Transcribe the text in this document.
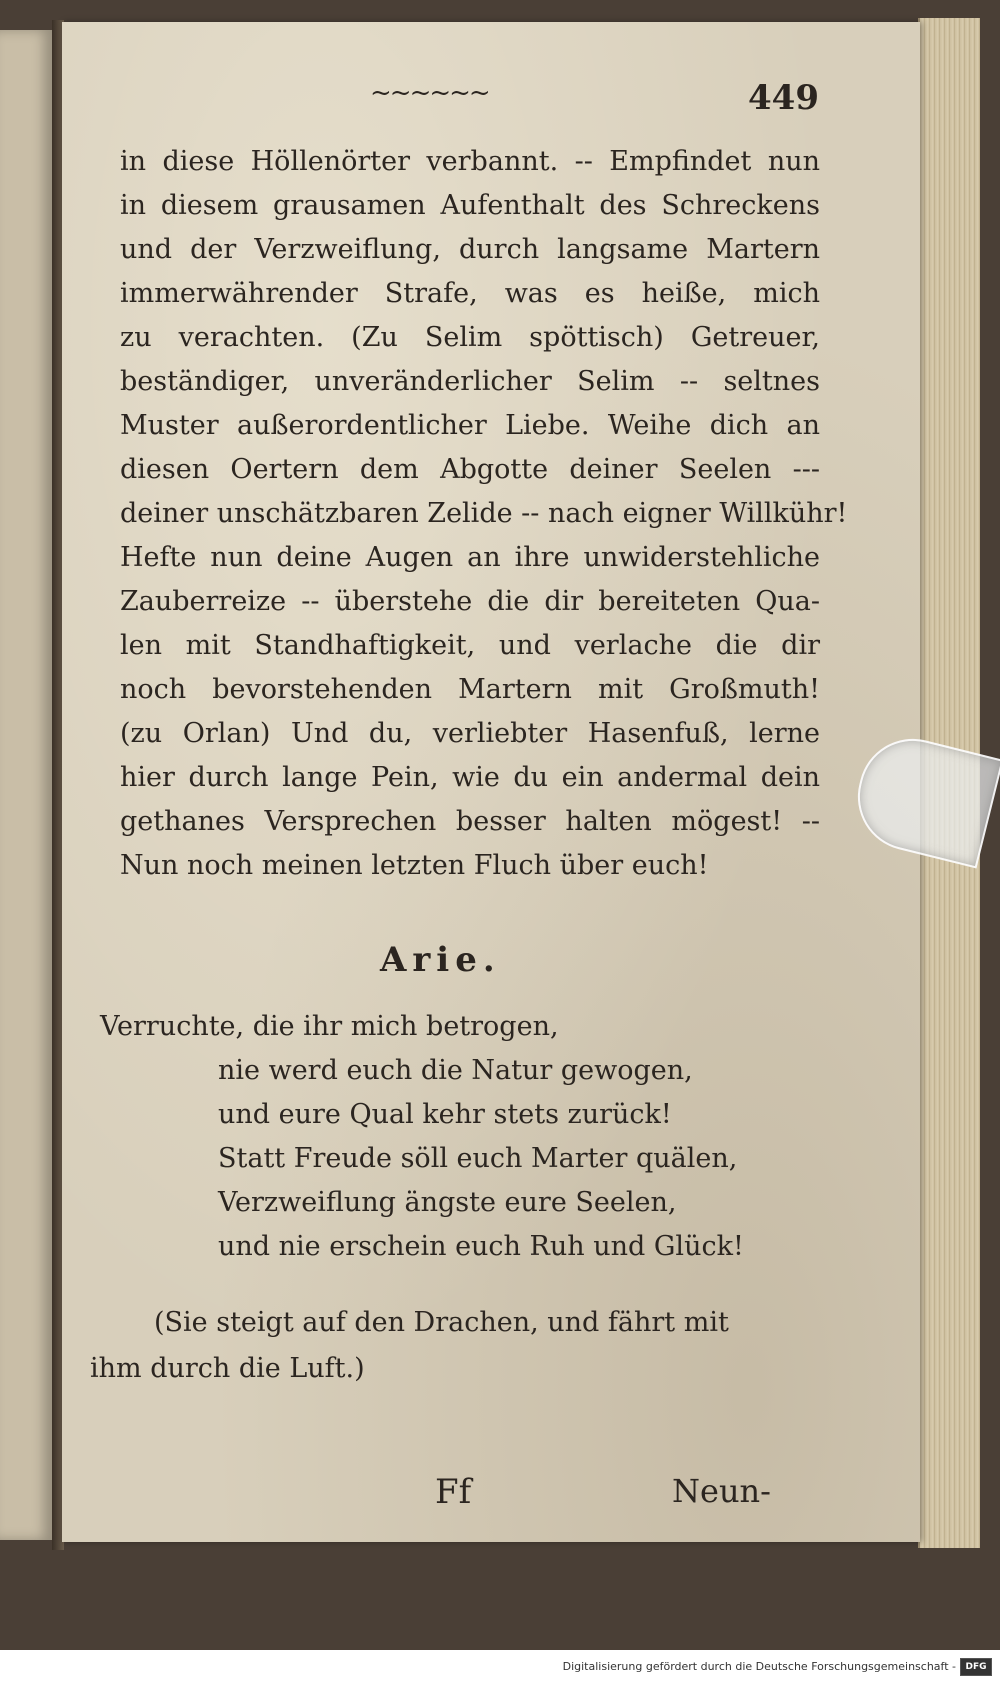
~~~~~~	449
in diese Höllenörter verbannt. -- Empfindet nun
in diesem grausamen Aufenthalt des Schreckens
und der Verzweiflung, durch langsame Martern
immerwährender Strafe, was es heiße, mich
zu verachten. (Zu Selim spöttisch) Getreuer,
beständiger, unveränderlicher Selim -- seltnes
Muster außerordentlicher Liebe. Weihe dich an
diesen Oertern dem Abgotte deiner Seelen ---
deiner unschätzbaren Zelide -- nach eigner Willkühr!
Hefte nun deine Augen an ihre unwiderstehliche
Zauberreize -- überstehe die dir bereiteten Qua-
len mit Standhaftigkeit, und verlache die dir
noch bevorstehenden Martern mit Großmuth!
(zu Orlan) Und du, verliebter Hasenfuß, lerne
hier durch lange Pein, wie du ein andermal dein
gethanes Versprechen besser halten mögest! --
Nun noch meinen letzten Fluch über euch!
Arie.
Verruchte, die ihr mich betrogen,
nie werd euch die Natur gewogen,
und eure Qual kehr stets zurück!
Statt Freude söll euch Marter quälen,
Verzweiflung ängste eure Seelen,
und nie erschein euch Ruh und Glück!
(Sie steigt auf den Drachen, und fährt mit
ihm durch die Luft.)
Ff	Neun-
Digitalisierung gefördert durch die Deutsche Forschungsgemeinschaft -	DFG
